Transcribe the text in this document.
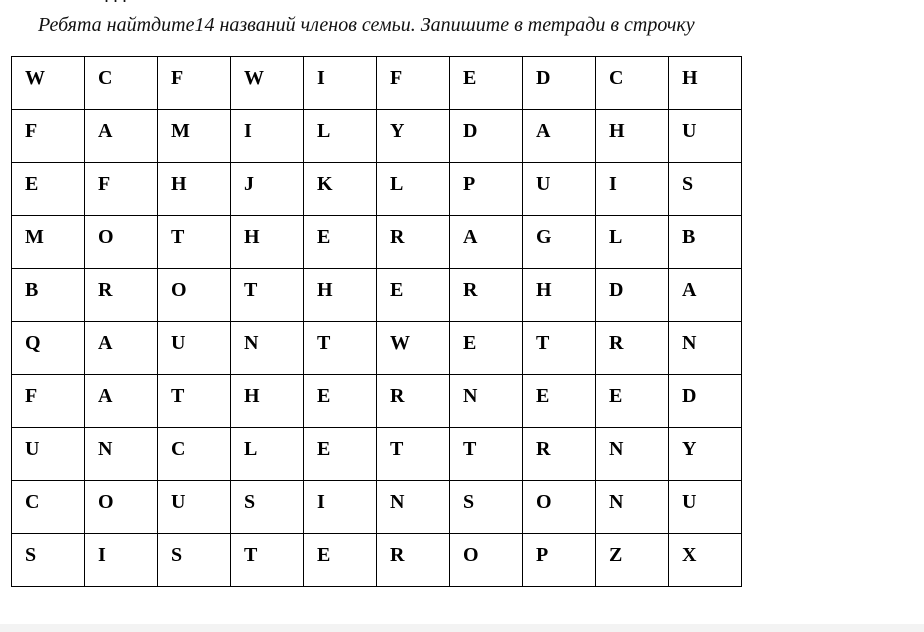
· · ·
Ребята найтдите14 названий членов семьи. Запишите в тетради в строчку
W	C	F	W	I	F	E	D	C	H
F	A	M	I	L	Y	D	A	H	U
E	F	H	J	K	L	P	U	I	S
M	O	T	H	E	R	A	G	L	B
B	R	O	T	H	E	R	H	D	A
Q	A	U	N	T	W	E	T	R	N
F	A	T	H	E	R	N	E	E	D
U	N	C	L	E	T	T	R	N	Y
C	O	U	S	I	N	S	O	N	U
S	I	S	T	E	R	O	P	Z	X
